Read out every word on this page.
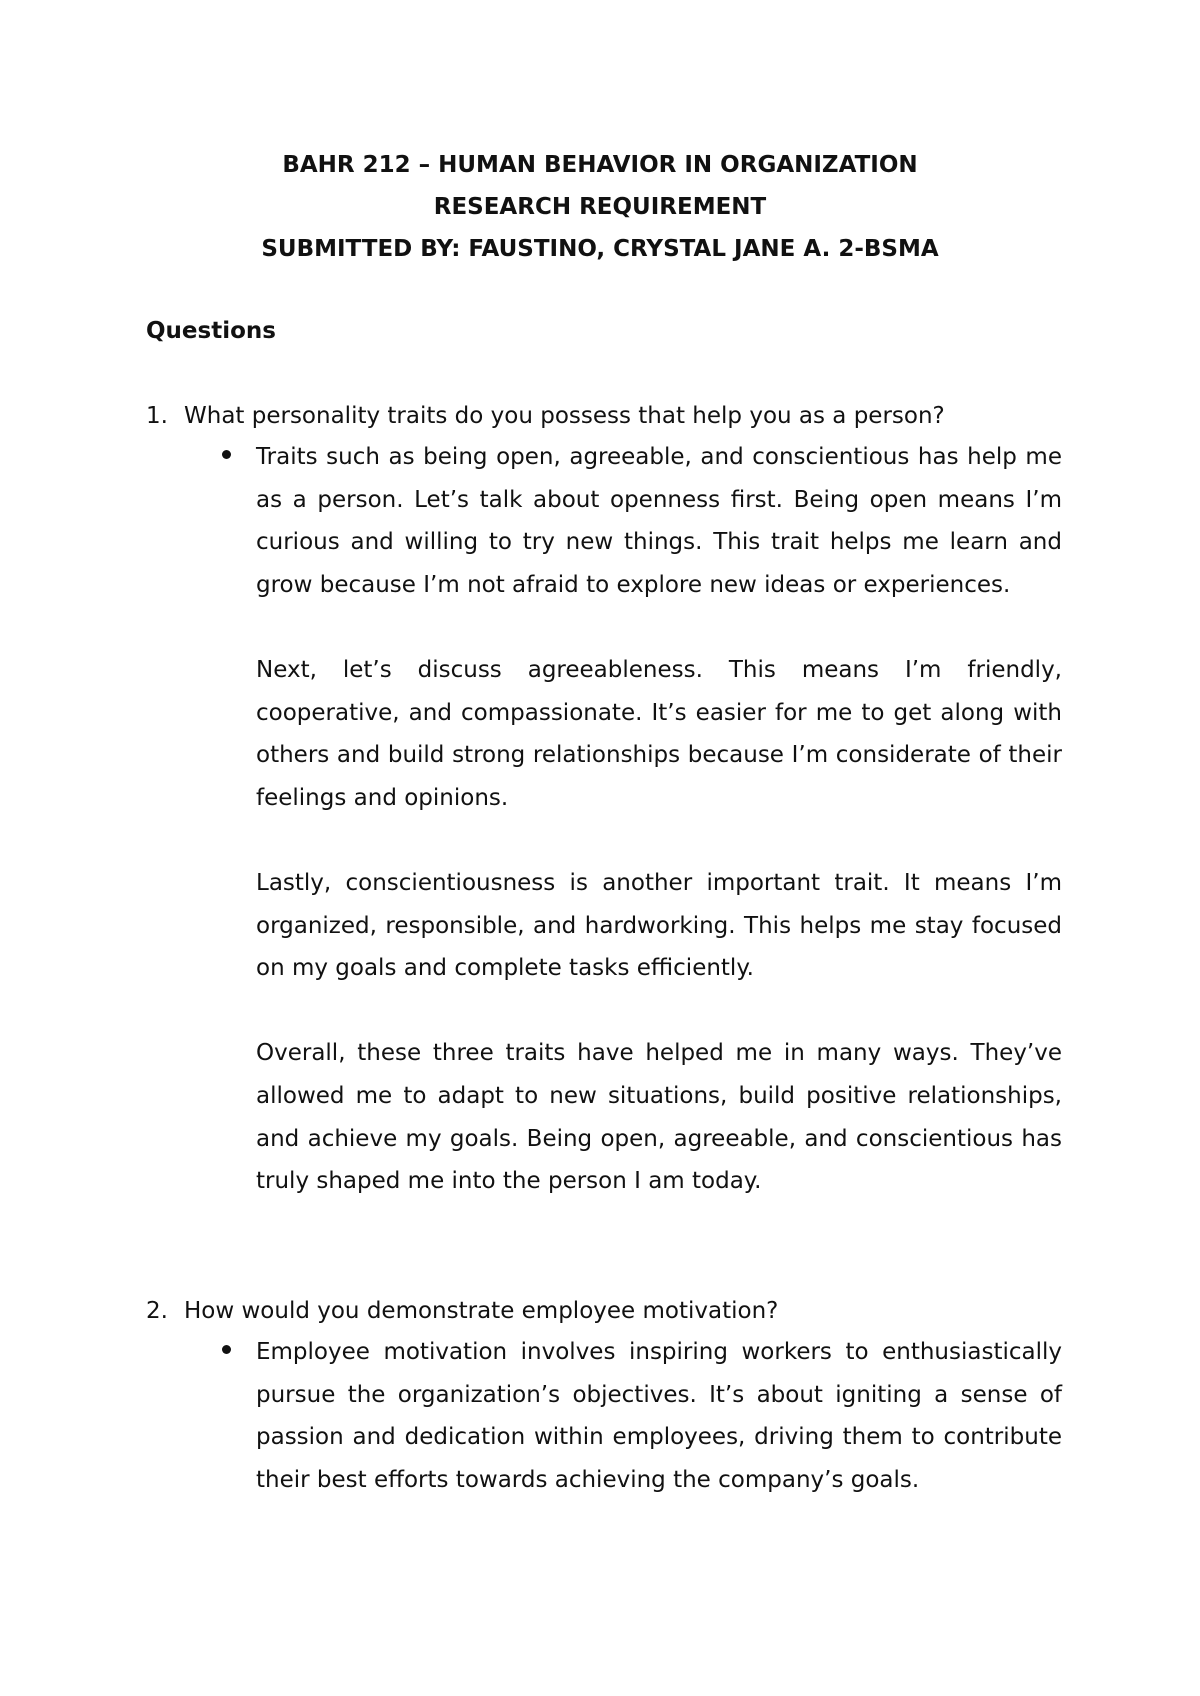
BAHR 212 – HUMAN BEHAVIOR IN ORGANIZATION
RESEARCH REQUIREMENT
SUBMITTED BY: FAUSTINO, CRYSTAL JANE A. 2-BSMA
Questions
1. What personality traits do you possess that help you as a person?

Traits such as being open, agreeable, and conscientious has help me as a person. Let’s talk about openness first. Being open means I’m curious and willing to try new things. This trait helps me learn and grow because I’m not afraid to explore new ideas or experiences.

Next, let’s discuss agreeableness. This means I’m friendly, cooperative, and compassionate. It’s easier for me to get along with others and build strong relationships because I’m considerate of their feelings and opinions.

Lastly, conscientiousness is another important trait. It means I’m organized, responsible, and hardworking. This helps me stay focused on my goals and complete tasks efficiently.

Overall, these three traits have helped me in many ways. They’ve allowed me to adapt to new situations, build positive relationships, and achieve my goals. Being open, agreeable, and conscientious has truly shaped me into the person I am today.

2. How would you demonstrate employee motivation?

Employee motivation involves inspiring workers to enthusiastically pursue the organization’s objectives. It’s about igniting a sense of passion and dedication within employees, driving them to contribute their best efforts towards achieving the company’s goals.
